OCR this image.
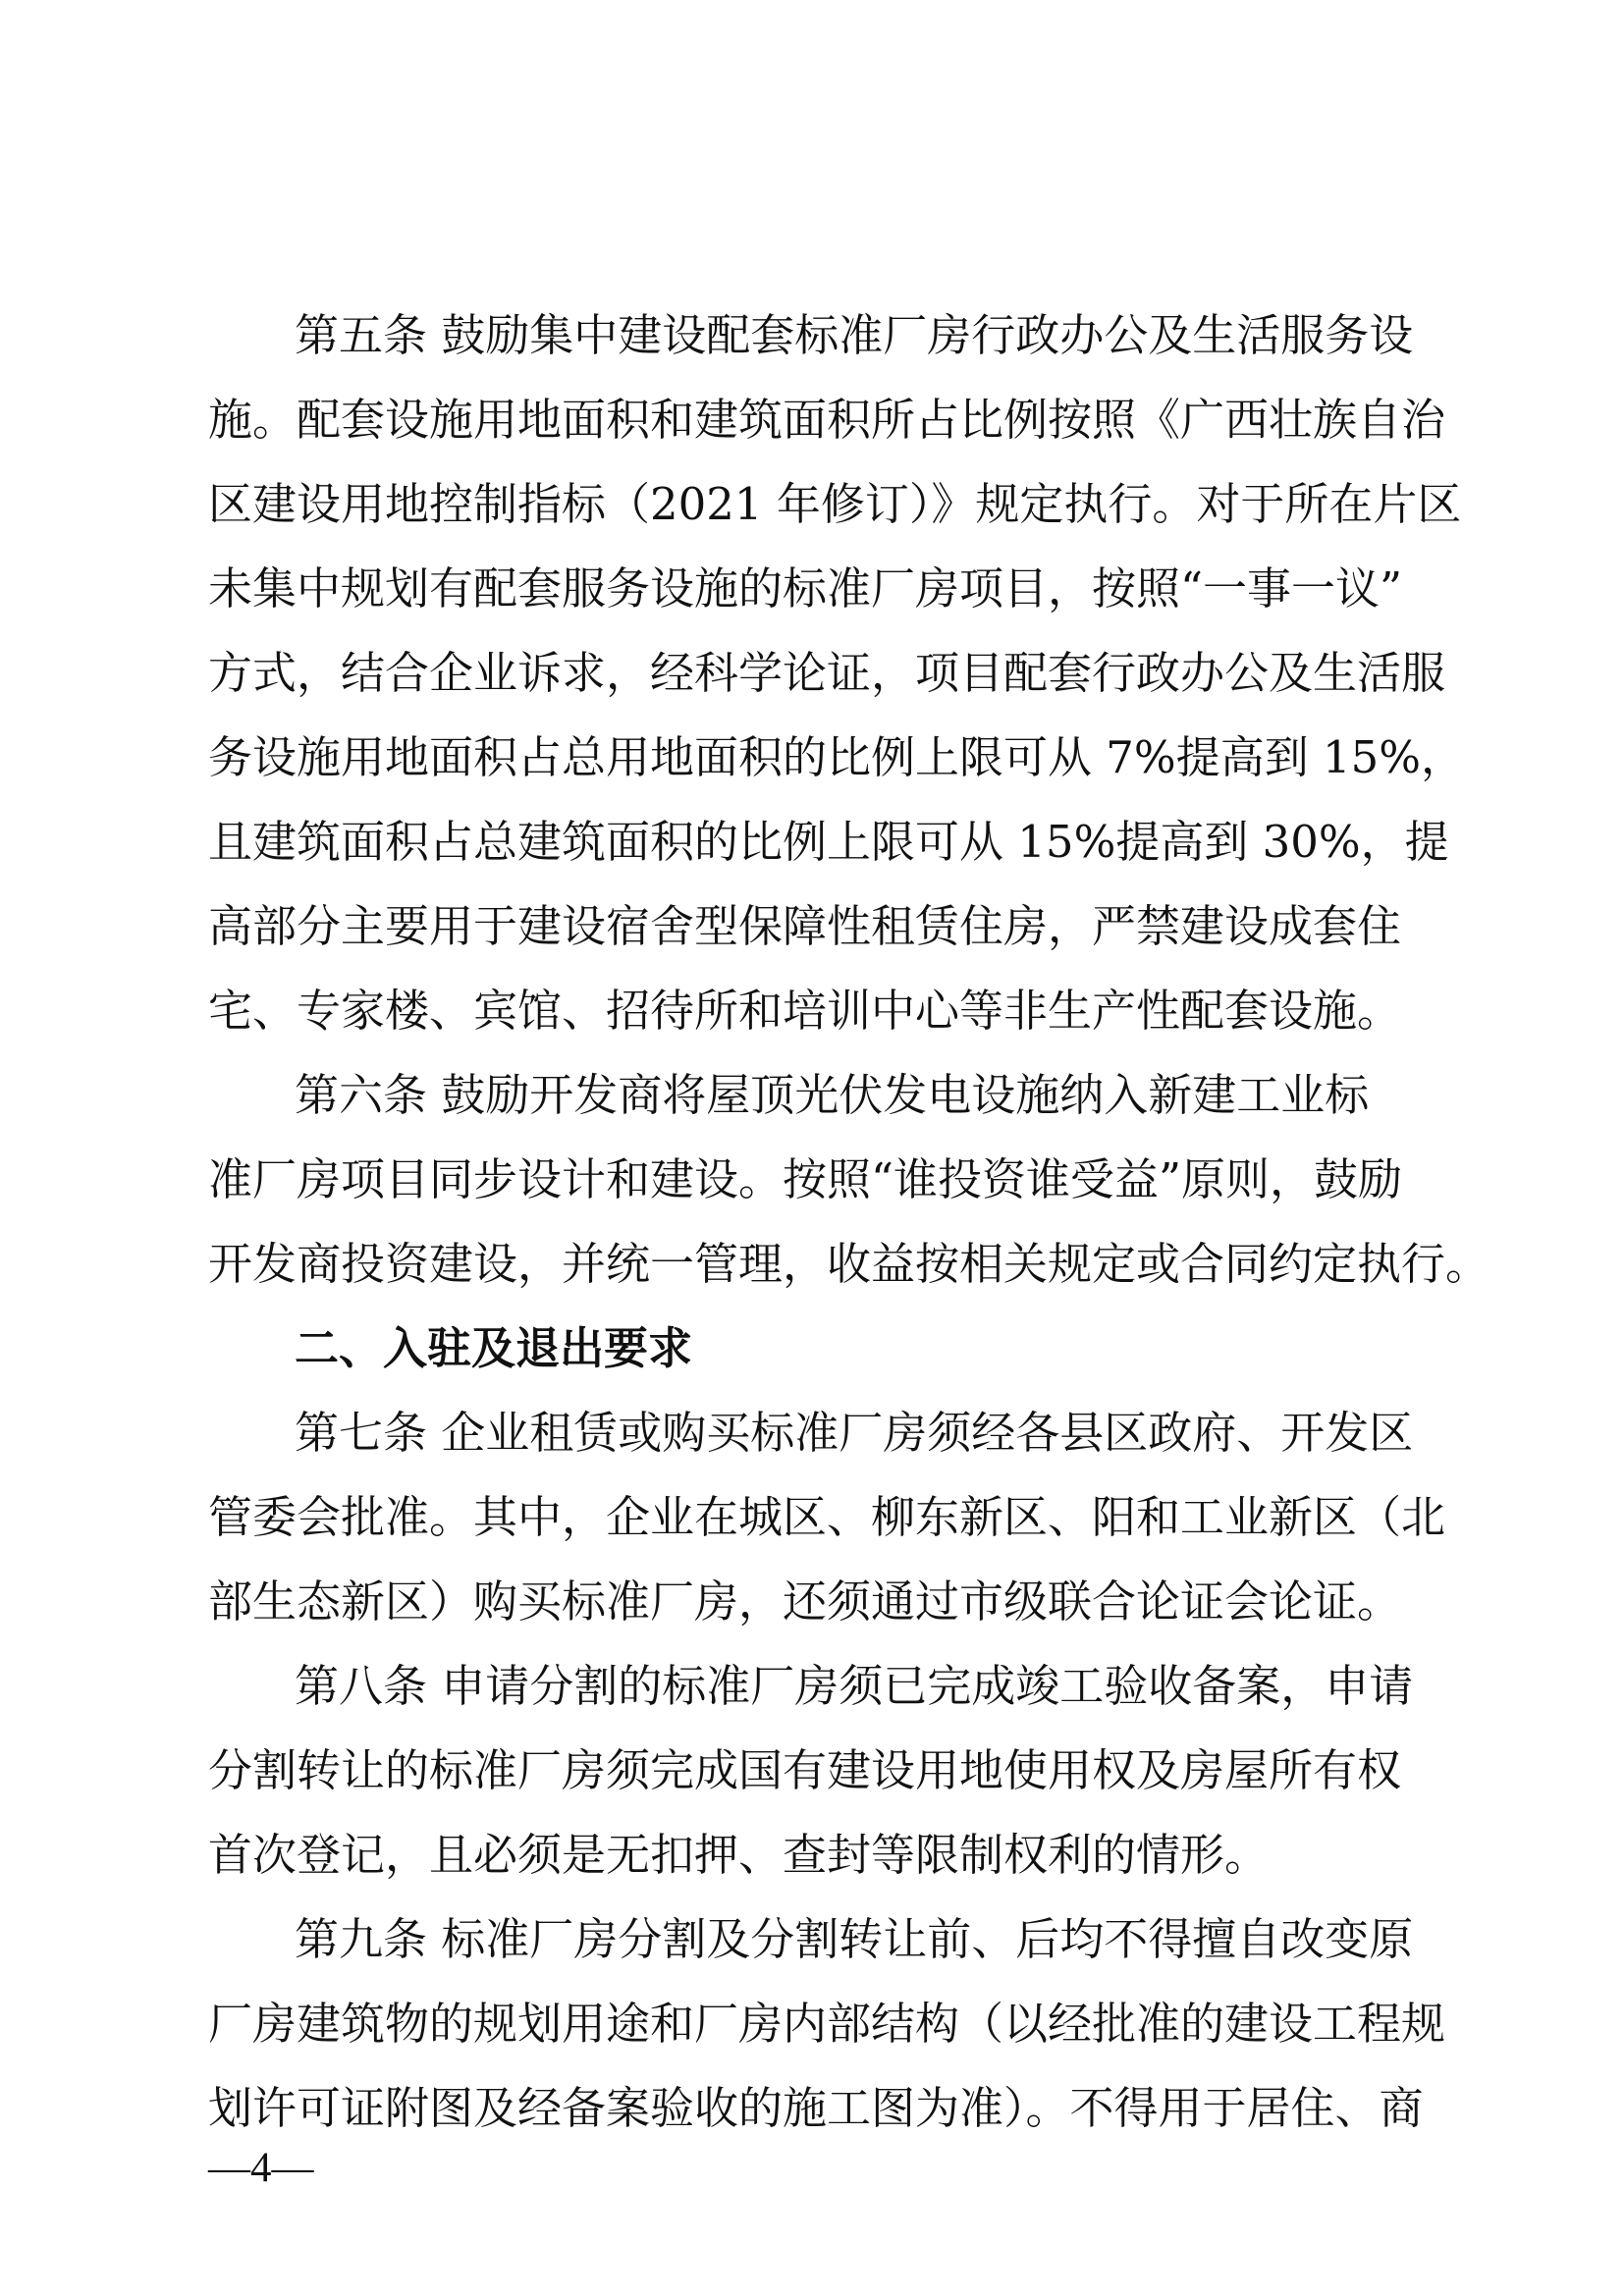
第五条 鼓励集中建设配套标准厂房行政办公及生活服务设
施。配套设施用地面积和建筑面积所占比例按照《广西壮族自治
区建设用地控制指标（2021 年修订）》规定执行。对于所在片区
未集中规划有配套服务设施的标准厂房项目，按照“一事一议”
方式，结合企业诉求，经科学论证，项目配套行政办公及生活服
务设施用地面积占总用地面积的比例上限可从 7%提高到 15%，
且建筑面积占总建筑面积的比例上限可从 15%提高到 30%，提
高部分主要用于建设宿舍型保障性租赁住房，严禁建设成套住
宅、专家楼、宾馆、招待所和培训中心等非生产性配套设施。
第六条 鼓励开发商将屋顶光伏发电设施纳入新建工业标
准厂房项目同步设计和建设。按照“谁投资谁受益”原则，鼓励
开发商投资建设，并统一管理，收益按相关规定或合同约定执行。
二、入驻及退出要求
第七条 企业租赁或购买标准厂房须经各县区政府、开发区
管委会批准。其中，企业在城区、柳东新区、阳和工业新区（北
部生态新区）购买标准厂房，还须通过市级联合论证会论证。
第八条 申请分割的标准厂房须已完成竣工验收备案，申请
分割转让的标准厂房须完成国有建设用地使用权及房屋所有权
首次登记，且必须是无扣押、查封等限制权利的情形。
第九条 标准厂房分割及分割转让前、后均不得擅自改变原
厂房建筑物的规划用途和厂房内部结构（以经批准的建设工程规
划许可证附图及经备案验收的施工图为准）。不得用于居住、商
—4—
